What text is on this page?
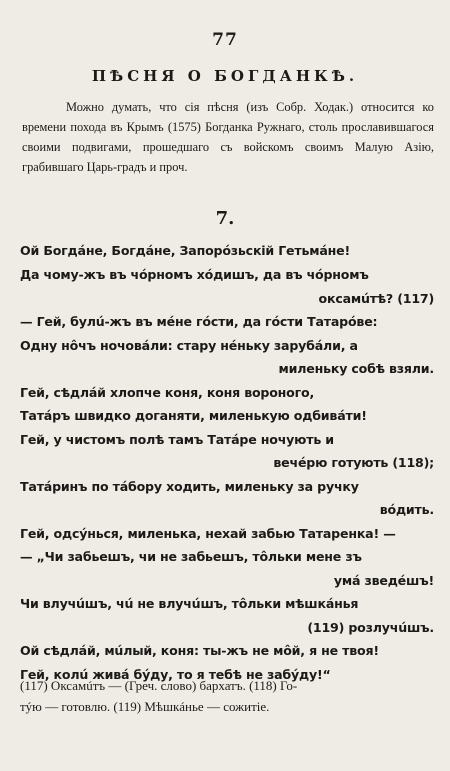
77
ПѢСНЯ О БОГДАНКѢ.

Можно думать, что сiя пѣсня (изъ Собр. Ходак.) относится ко времени похода въ Крымъ (1575) Богданка Ружнаго, столь прославившагося своими подвигами, прошедшаго съ войскомъ своимъ Малую Азiю, грабившаго Царь-градъ и проч.

7.
Ой Богдáне, Богдáне, Запорóзьскiй Гетьмáне!
Да чому-жъ въ чóрномъ хóдишъ, да въ чóрномъ
оксамúтѣ? (117)
— Гей, булú-жъ въ мéне гóсти, да гóсти Татарóве:
Одну нôчъ ночовáли: стару нéньку зарубáли, а
миленьку собѣ взяли.
Гей, сѣдлáй хлопче коня, коня вороного,
Татáръ швидко доганяти, миленькую одбивáти!
Гей, у чистомъ полѣ тамъ Татáре ночують и
вечéрю готують (118);
Татáринъ по тáбору ходить, миленьку за ручку
вóдить.
Гей, одсýнься, миленька, нехай забью Татаренка! —
— „Чи забьешъ, чи не забьешъ, тôльки мене зъ
умá зведéшъ!
Чи влучúшъ, чú не влучúшъ, тôльки мѣшкáнья
(119) розлучúшъ.
Ой сѣдлáй, мúлый, коня: ты-жъ не мôй, я не твоя!
Гей, колú живá бýду, то я тебѣ не забýду!“
(117) Оксамúтъ — (Греч. слово) бархатъ. (118) Го-
тýю — готовлю. (119) Мѣшкáнье — сожитiе.
